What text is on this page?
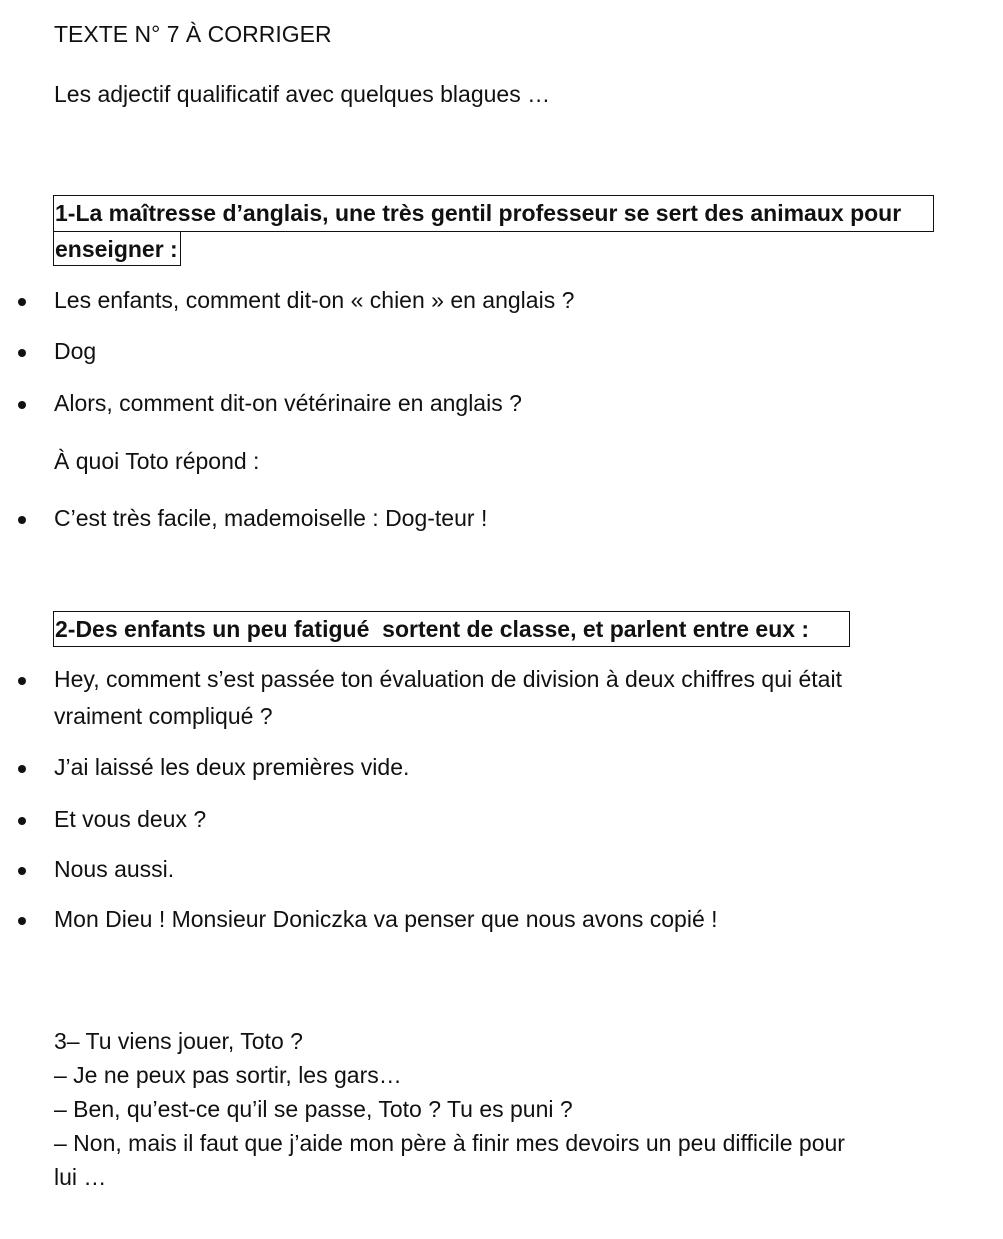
TEXTE N° 7 À CORRIGER
Les adjectif qualificatif avec quelques blagues …
1-La maîtresse d’anglais, une très gentil professeur se sert des animaux pour
enseigner :
Les enfants, comment dit-on « chien » en anglais ?
Dog
Alors, comment dit-on vétérinaire en anglais ?
À quoi Toto répond :
C’est très facile, mademoiselle : Dog-teur !
2-Des enfants un peu fatigué  sortent de classe, et parlent entre eux :
Hey, comment s’est passée ton évaluation de division à deux chiffres qui était
vraiment compliqué ?
J’ai laissé les deux premières vide.
Et vous deux ?
Nous aussi.
Mon Dieu ! Monsieur Doniczka va penser que nous avons copié !
3– Tu viens jouer, Toto ?
– Je ne peux pas sortir, les gars…
– Ben, qu’est-ce qu’il se passe, Toto ? Tu es puni ?
– Non, mais il faut que j’aide mon père à finir mes devoirs un peu difficile pour
lui …
